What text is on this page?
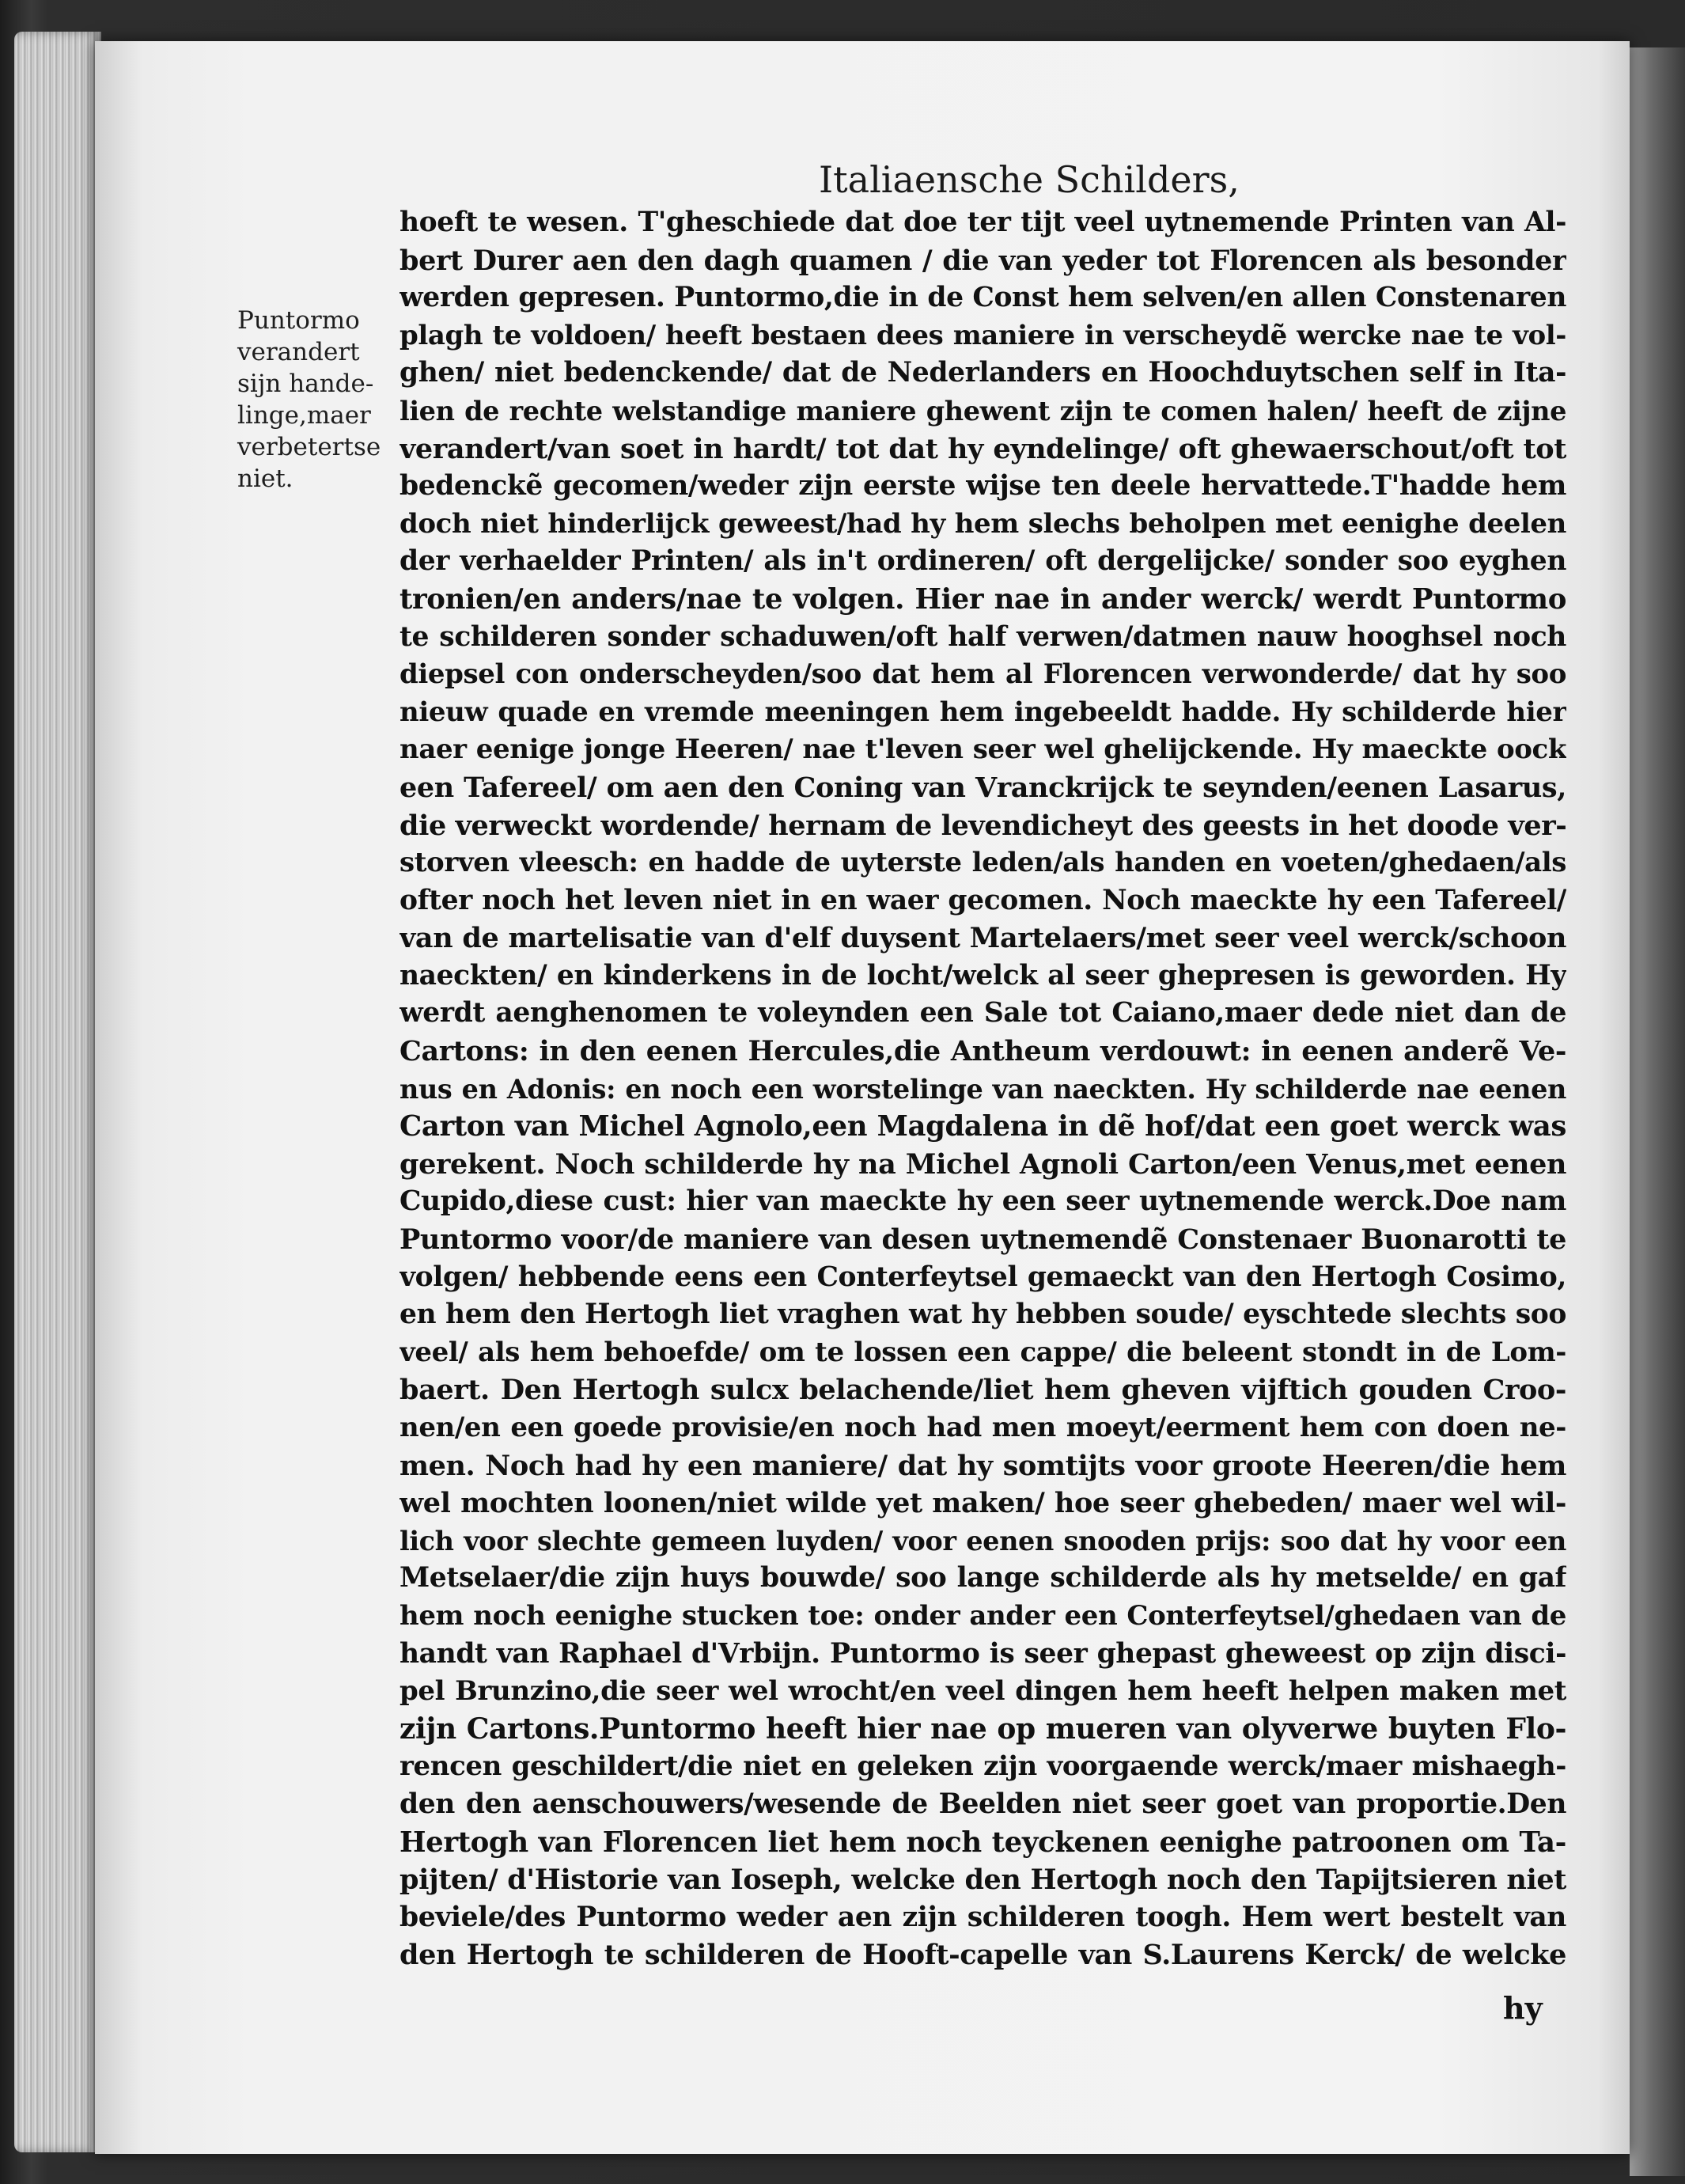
Italiaensche Schilders,
Puntormo
verandert
sijn hande-
linge,maer
verbetertse
niet.
hoeft te wesen. T'gheschiede dat doe ter tijt veel uytnemende Printen van Al-
bert Durer aen den dagh quamen / die van yeder tot Florencen als besonder
werden gepresen. Puntormo,die in de Const hem selven/en allen Constenaren
plagh te voldoen/ heeft bestaen dees maniere in verscheydẽ wercke nae te vol-
ghen/ niet bedenckende/ dat de Nederlanders en Hoochduytschen self in Ita-
lien de rechte welstandige maniere ghewent zijn te comen halen/ heeft de zijne
verandert/van soet in hardt/ tot dat hy eyndelinge/ oft ghewaerschout/oft tot
bedenckẽ gecomen/weder zijn eerste wijse ten deele hervattede.T'hadde hem
doch niet hinderlijck geweest/had hy hem slechs beholpen met eenighe deelen
der verhaelder Printen/ als in't ordineren/ oft dergelijcke/ sonder soo eyghen
tronien/en anders/nae te volgen. Hier nae in ander werck/ werdt Puntormo
te schilderen sonder schaduwen/oft half verwen/datmen nauw hooghsel noch
diepsel con onderscheyden/soo dat hem al Florencen verwonderde/ dat hy soo
nieuw quade en vremde meeningen hem ingebeeldt hadde. Hy schilderde hier
naer eenige jonge Heeren/ nae t'leven seer wel ghelijckende. Hy maeckte oock
een Tafereel/ om aen den Coning van Vranckrijck te seynden/eenen Lasarus,
die verweckt wordende/ hernam de levendicheyt des geests in het doode ver-
storven vleesch: en hadde de uyterste leden/als handen en voeten/ghedaen/als
ofter noch het leven niet in en waer gecomen. Noch maeckte hy een Tafereel/
van de martelisatie van d'elf duysent Martelaers/met seer veel werck/schoon
naeckten/ en kinderkens in de locht/welck al seer ghepresen is geworden. Hy
werdt aenghenomen te voleynden een Sale tot Caiano,maer dede niet dan de
Cartons: in den eenen Hercules,die Antheum verdouwt: in eenen anderẽ Ve-
nus en Adonis: en noch een worstelinge van naeckten. Hy schilderde nae eenen
Carton van Michel Agnolo,een Magdalena in dẽ hof/dat een goet werck was
gerekent. Noch schilderde hy na Michel Agnoli Carton/een Venus,met eenen
Cupido,diese cust: hier van maeckte hy een seer uytnemende werck.Doe nam
Puntormo voor/de maniere van desen uytnemendẽ Constenaer Buonarotti te
volgen/ hebbende eens een Conterfeytsel gemaeckt van den Hertogh Cosimo,
en hem den Hertogh liet vraghen wat hy hebben soude/ eyschtede slechts soo
veel/ als hem behoefde/ om te lossen een cappe/ die beleent stondt in de Lom-
baert. Den Hertogh sulcx belachende/liet hem gheven vijftich gouden Croo-
nen/en een goede provisie/en noch had men moeyt/eerment hem con doen ne-
men. Noch had hy een maniere/ dat hy somtijts voor groote Heeren/die hem
wel mochten loonen/niet wilde yet maken/ hoe seer ghebeden/ maer wel wil-
lich voor slechte gemeen luyden/ voor eenen snooden prijs: soo dat hy voor een
Metselaer/die zijn huys bouwde/ soo lange schilderde als hy metselde/ en gaf
hem noch eenighe stucken toe: onder ander een Conterfeytsel/ghedaen van de
handt van Raphael d'Vrbijn. Puntormo is seer ghepast gheweest op zijn disci-
pel Brunzino,die seer wel wrocht/en veel dingen hem heeft helpen maken met
zijn Cartons.Puntormo heeft hier nae op mueren van olyverwe buyten Flo-
rencen geschildert/die niet en geleken zijn voorgaende werck/maer mishaegh-
den den aenschouwers/wesende de Beelden niet seer goet van proportie.Den
Hertogh van Florencen liet hem noch teyckenen eenighe patroonen om Ta-
pijten/ d'Historie van Ioseph, welcke den Hertogh noch den Tapijtsieren niet
beviele/des Puntormo weder aen zijn schilderen toogh. Hem wert bestelt van
den Hertogh te schilderen de Hooft-capelle van S.Laurens Kerck/ de welcke
hy
